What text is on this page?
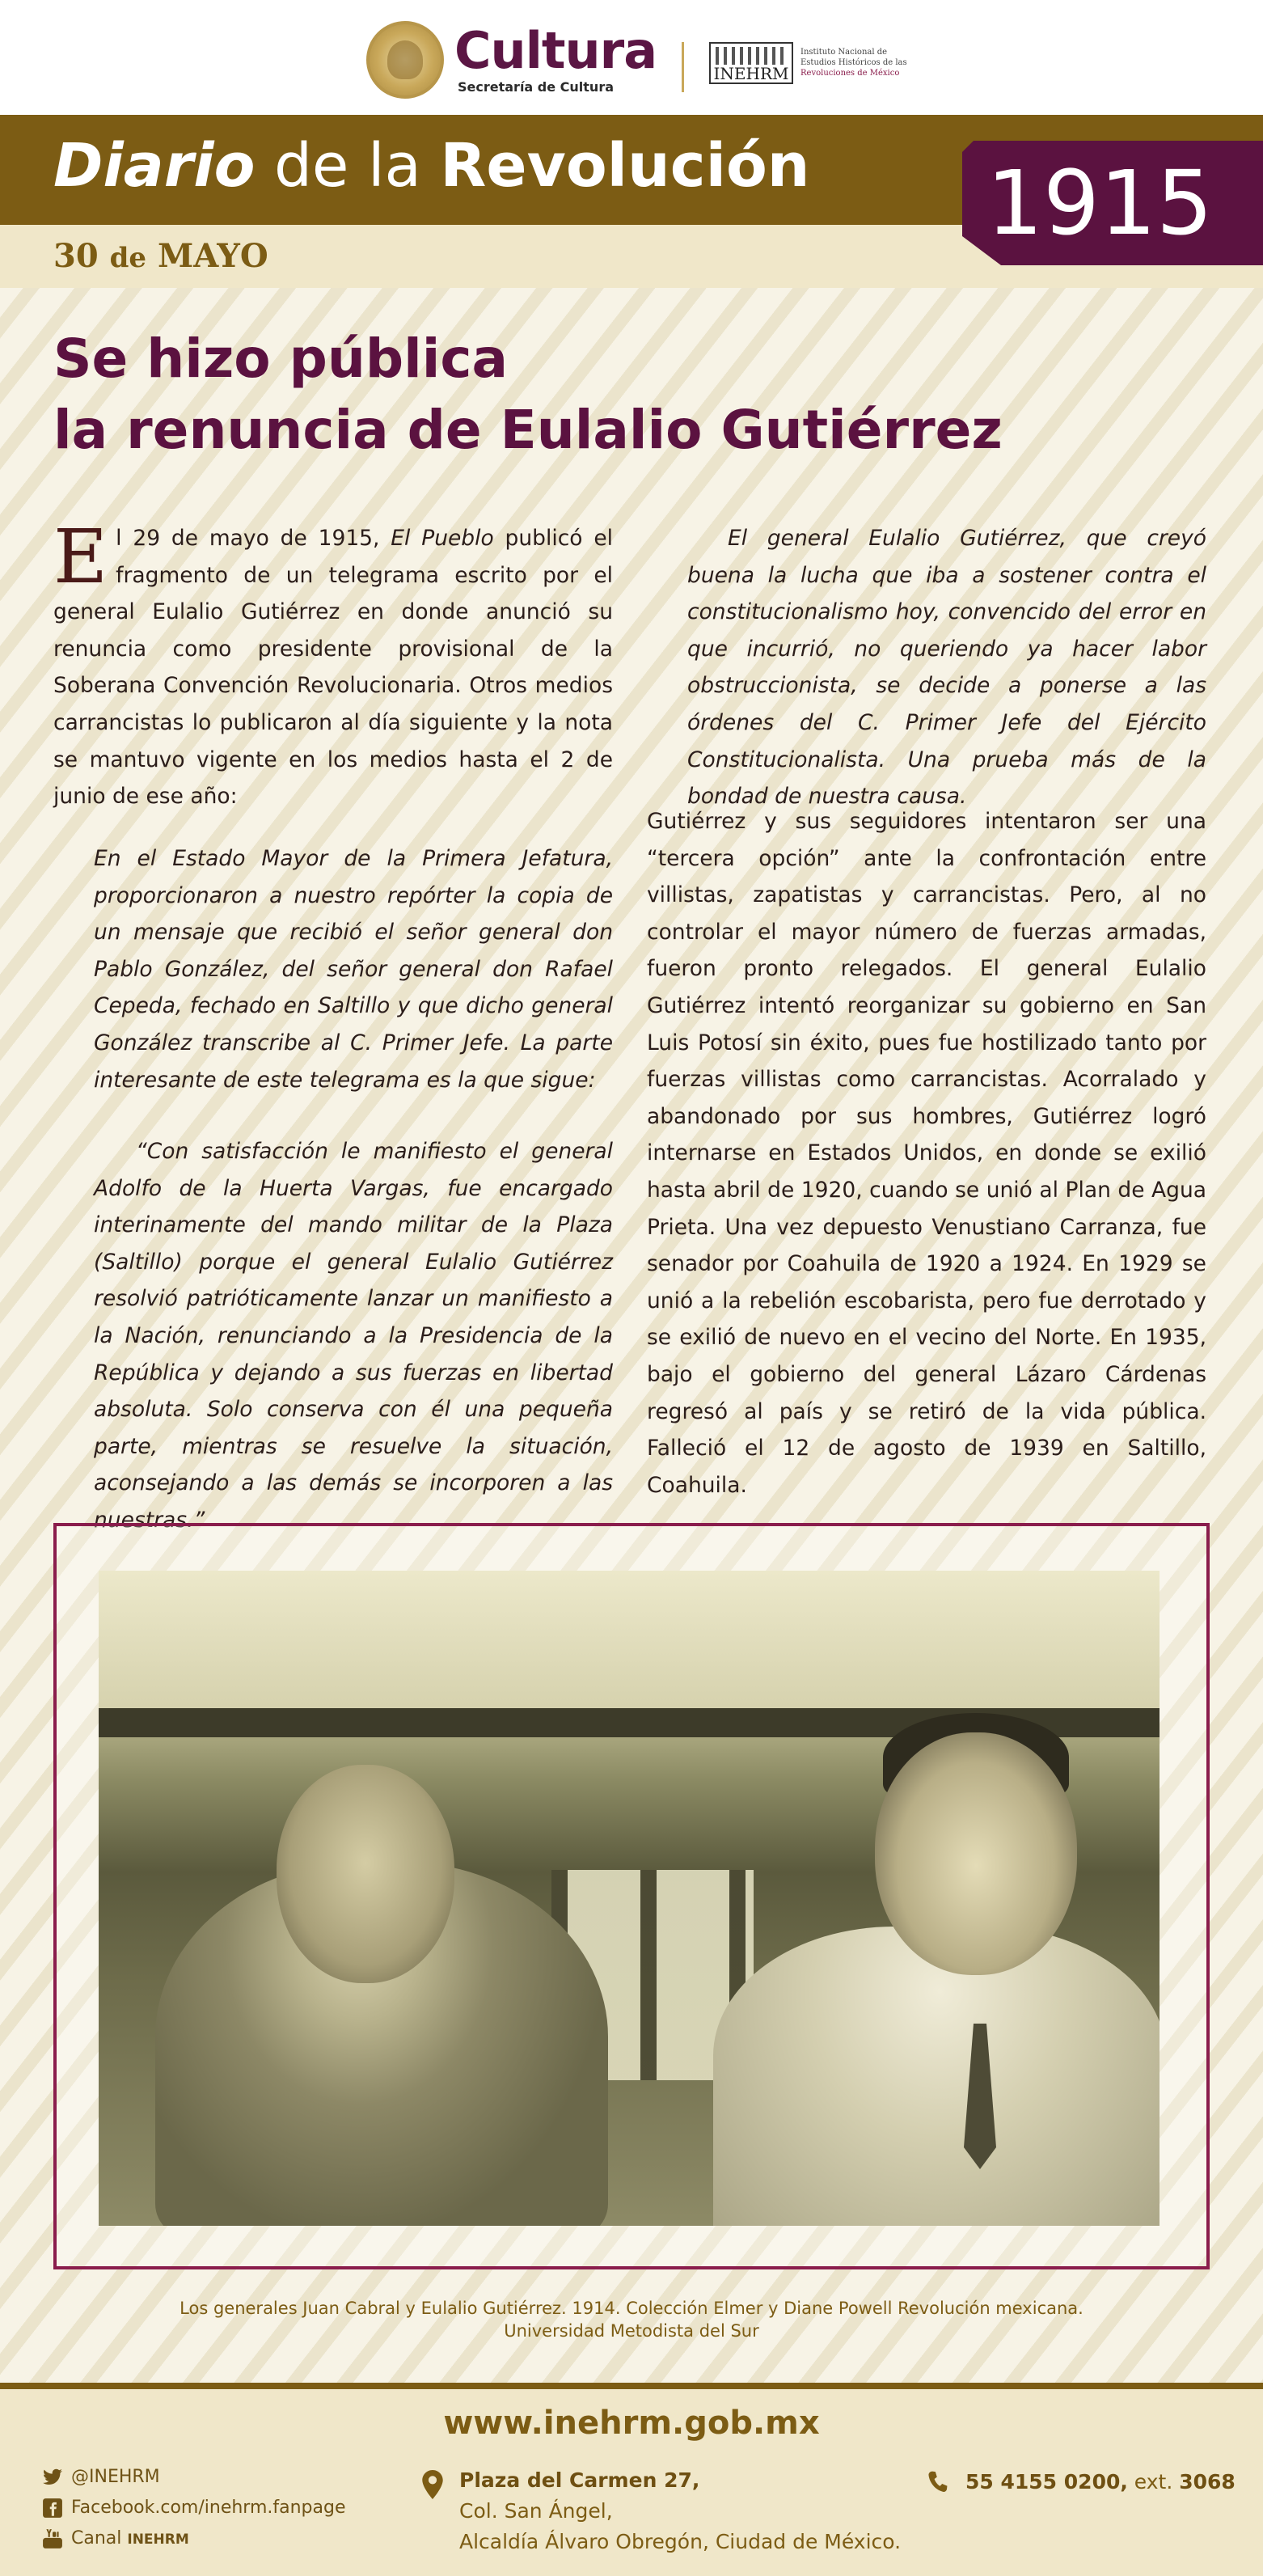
Cultura
Secretaría de Cultura
INEHRM
Instituto Nacional de
Estudios Históricos de las
Revoluciones de México
Diario de la Revolución
30 de MAYO
1915
Se hizo pública
la renuncia de Eulalio Gutiérrez
El 29 de mayo de 1915, El Pueblo publicó el fragmento de un telegrama escrito por el general Eulalio Gutiérrez en donde anunció su renuncia como presidente provisional de la Soberana Convención Revolucionaria. Otros medios carrancistas lo publicaron al día siguiente y la nota se mantuvo vigente en los medios hasta el 2 de junio de ese año:
En el Estado Mayor de la Primera Jefatura, proporcionaron a nuestro repórter la copia de un mensaje que recibió el señor general don Pablo González, del señor general don Rafael Cepeda, fechado en Saltillo y que dicho general González transcribe al C. Primer Jefe. La parte interesante de este telegrama es la que sigue:
“Con satisfacción le manifiesto el general Adolfo de la Huerta Vargas, fue encargado interinamente del mando militar de la Plaza (Saltillo) porque el general Eulalio Gutiérrez resolvió patrióticamente lanzar un manifiesto a la Nación, renunciando a la Presidencia de la República y dejando a sus fuerzas en libertad absoluta. Solo conserva con él una pequeña parte, mientras se resuelve la situación, aconsejando a las demás se incorporen a las nuestras.”
El general Eulalio Gutiérrez, que creyó buena la lucha que iba a sostener contra el constitucionalismo hoy, convencido del error en que incurrió, no queriendo ya hacer labor obstruccionista, se decide a ponerse a las órdenes del C. Primer Jefe del Ejército Constitucionalista. Una prueba más de la bondad de nuestra causa.
Gutiérrez y sus seguidores intentaron ser una “tercera opción” ante la confrontación entre villistas, zapatistas y carrancistas. Pero, al no controlar el mayor número de fuerzas armadas, fueron pronto relegados. El general Eulalio Gutiérrez intentó reorganizar su gobierno en San Luis Potosí sin éxito, pues fue hostilizado tanto por fuerzas villistas como carrancistas. Acorralado y abandonado por sus hombres, Gutiérrez logró internarse en Estados Unidos, en donde se exilió hasta abril de 1920, cuando se unió al Plan de Agua Prieta. Una vez depuesto Venustiano Carranza, fue senador por Coahuila de 1920 a 1924. En 1929 se unió a la rebelión escobarista, pero fue derrotado y se exilió de nuevo en el vecino del Norte. En 1935, bajo el gobierno del general Lázaro Cárdenas regresó al país y se retiró de la vida pública. Falleció el 12 de agosto de 1939 en Saltillo, Coahuila.
Los generales Juan Cabral y Eulalio Gutiérrez. 1914. Colección Elmer y Diane Powell Revolución mexicana.
Universidad Metodista del Sur
www.inehrm.gob.mx
@INEHRM
Facebook.com/inehrm.fanpage
Canal INEHRM
Plaza del Carmen 27,
Col. San Ángel,
Alcaldía Álvaro Obregón, Ciudad de México.
55 4155 0200, ext. 3068
